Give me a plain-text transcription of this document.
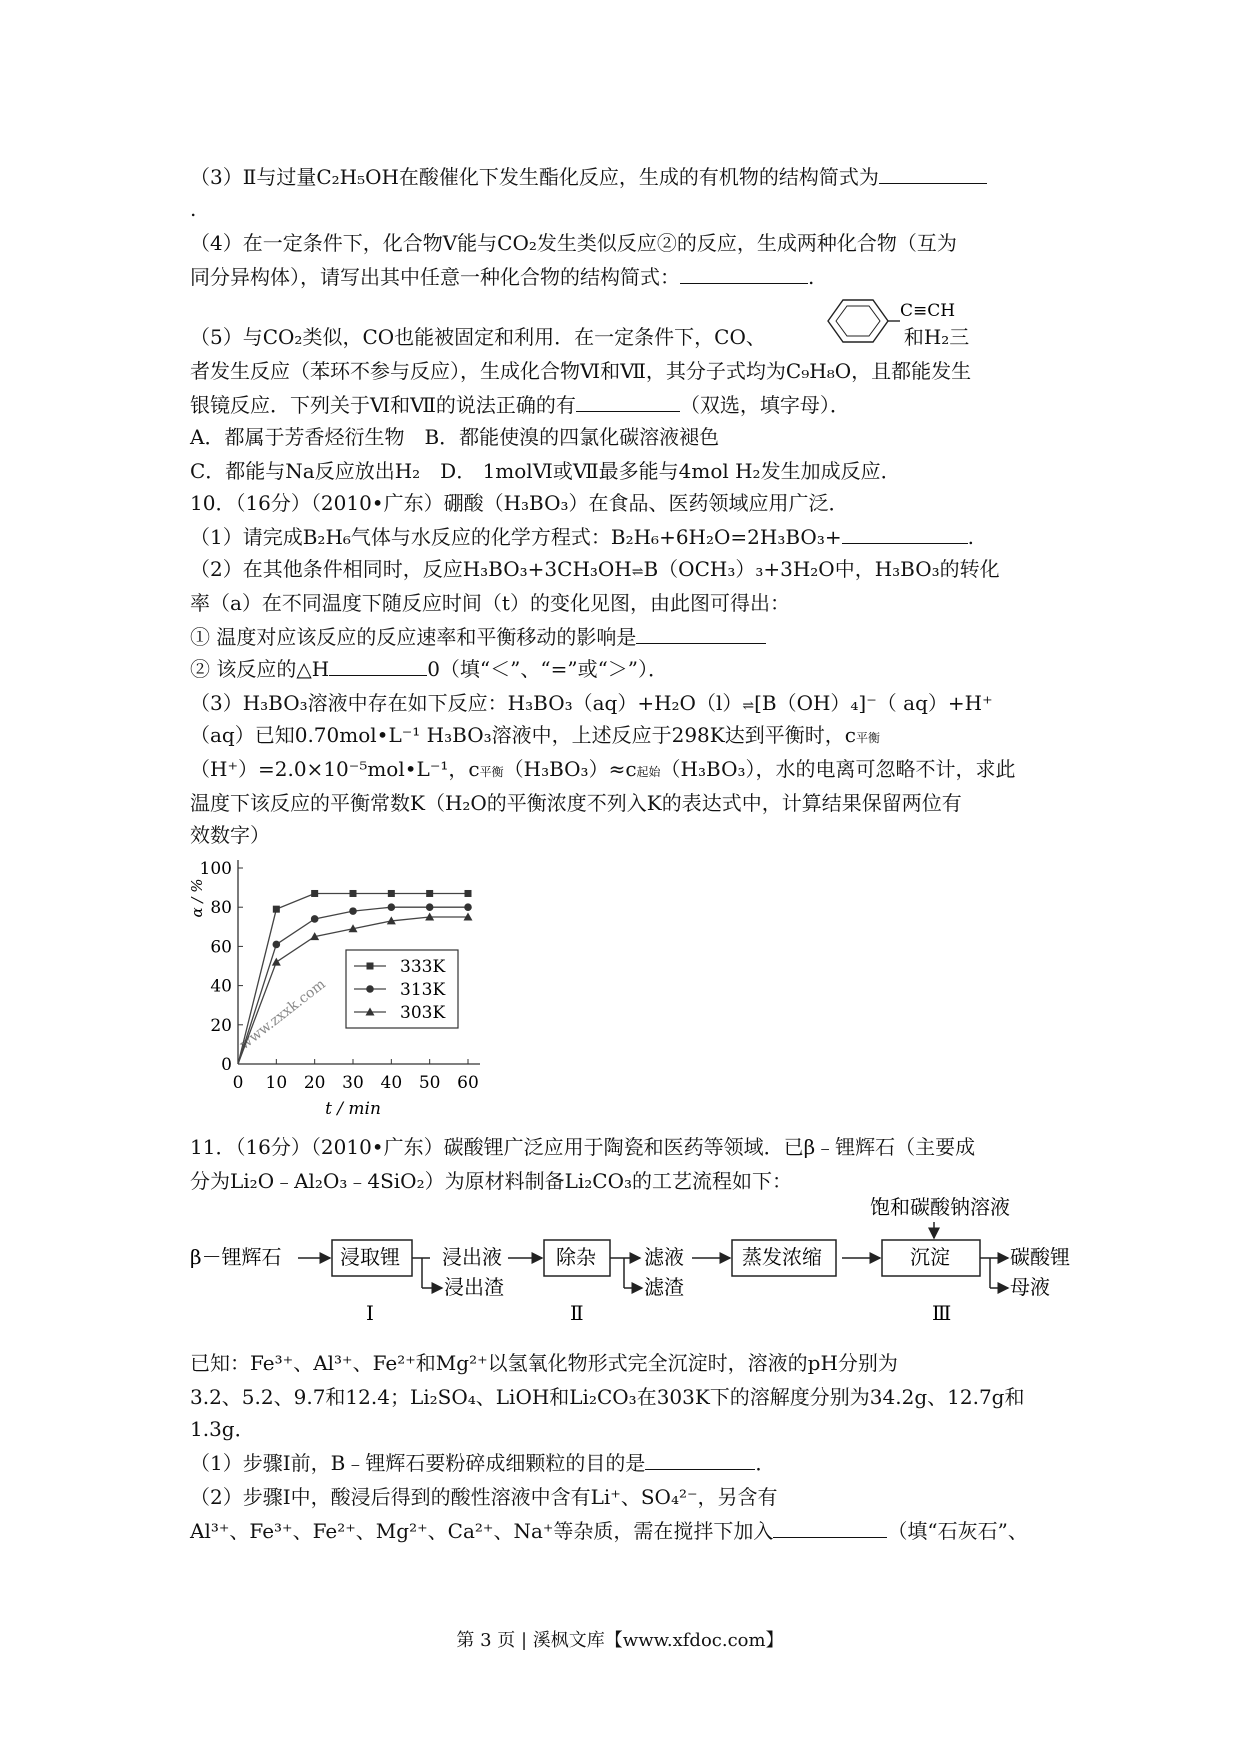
（3）Ⅱ与过量C₂H₅OH在酸催化下发生酯化反应，生成的有机物的结构简式为
.
（4）在一定条件下，化合物Ⅴ能与CO₂发生类似反应②的反应，生成两种化合物（互为
同分异构体），请写出其中任意一种化合物的结构简式：	.
C≡CH
（5）与CO₂类似，CO也能被固定和利用．在一定条件下，CO、	和H₂三
者发生反应（苯环不参与反应），生成化合物Ⅵ和Ⅶ，其分子式均为C₉H₈O，且都能发生
银镜反应．下列关于Ⅵ和Ⅶ的说法正确的有	（双选，填字母）．
A．都属于芳香烃衍生物　B．都能使溴的四氯化碳溶液褪色
C．都能与Na反应放出H₂　D． 1molⅥ或Ⅶ最多能与4mol H₂发生加成反应．
10．（16分）（2010•广东）硼酸（H₃BO₃）在食品、医药领域应用广泛．
（1）请完成B₂H₆气体与水反应的化学方程式：B₂H₆+6H₂O=2H₃BO₃+	.
（2）在其他条件相同时，反应H₃BO₃+3CH₃OH⇌B（OCH₃）₃+3H₂O中，H₃BO₃的转化
率（a）在不同温度下随反应时间（t）的变化见图，由此图可得出：
① 温度对应该反应的反应速率和平衡移动的影响是
② 该反应的△H	0（填“＜”、“=”或“＞”）．
（3）H₃BO₃溶液中存在如下反应：H₃BO₃（aq）+H₂O（l）⇌[B（OH）₄]⁻（ aq）+H⁺
（aq）已知0.70mol•L⁻¹ H₃BO₃溶液中，上述反应于298K达到平衡时，c平衡
（H⁺）=2.0×10⁻⁵mol•L⁻¹，c平衡（H₃BO₃）≈c起始（H₃BO₃），水的电离可忽略不计，求此
温度下该反应的平衡常数K（H₂O的平衡浓度不列入K的表达式中，计算结果保留两位有
效数字）
0
20
40
60
80
100
0 10 20 30 40 50 60
α / %
t / min
www.zxxk.com
333K
313K
303K
11．（16分）（2010•广东）碳酸锂广泛应用于陶瓷和医药等领域．已β﹣锂辉石（主要成
分为Li₂O﹣Al₂O₃﹣4SiO₂）为原材料制备Li₂CO₃的工艺流程如下：
β－锂辉石	浸取锂
Ⅰ
浸出液
浸出渣
除杂
Ⅱ
滤液
滤渣
蒸发浓缩
饱和碳酸钠溶液
沉淀
Ⅲ
碳酸锂
母液
已知：Fe³⁺、Al³⁺、Fe²⁺和Mg²⁺以氢氧化物形式完全沉淀时，溶液的pH分别为
3.2、5.2、9.7和12.4；Li₂SO₄、LiOH和Li₂CO₃在303K下的溶解度分别为34.2g、12.7g和
1.3g．
（1）步骤Ⅰ前，B﹣锂辉石要粉碎成细颗粒的目的是	．
（2）步骤Ⅰ中，酸浸后得到的酸性溶液中含有Li⁺、SO₄²⁻，另含有
Al³⁺、Fe³⁺、Fe²⁺、Mg²⁺、Ca²⁺、Na⁺等杂质，需在搅拌下加入	（填“石灰石”、
第 3 页 | 溪枫文库【www.xfdoc.com】
